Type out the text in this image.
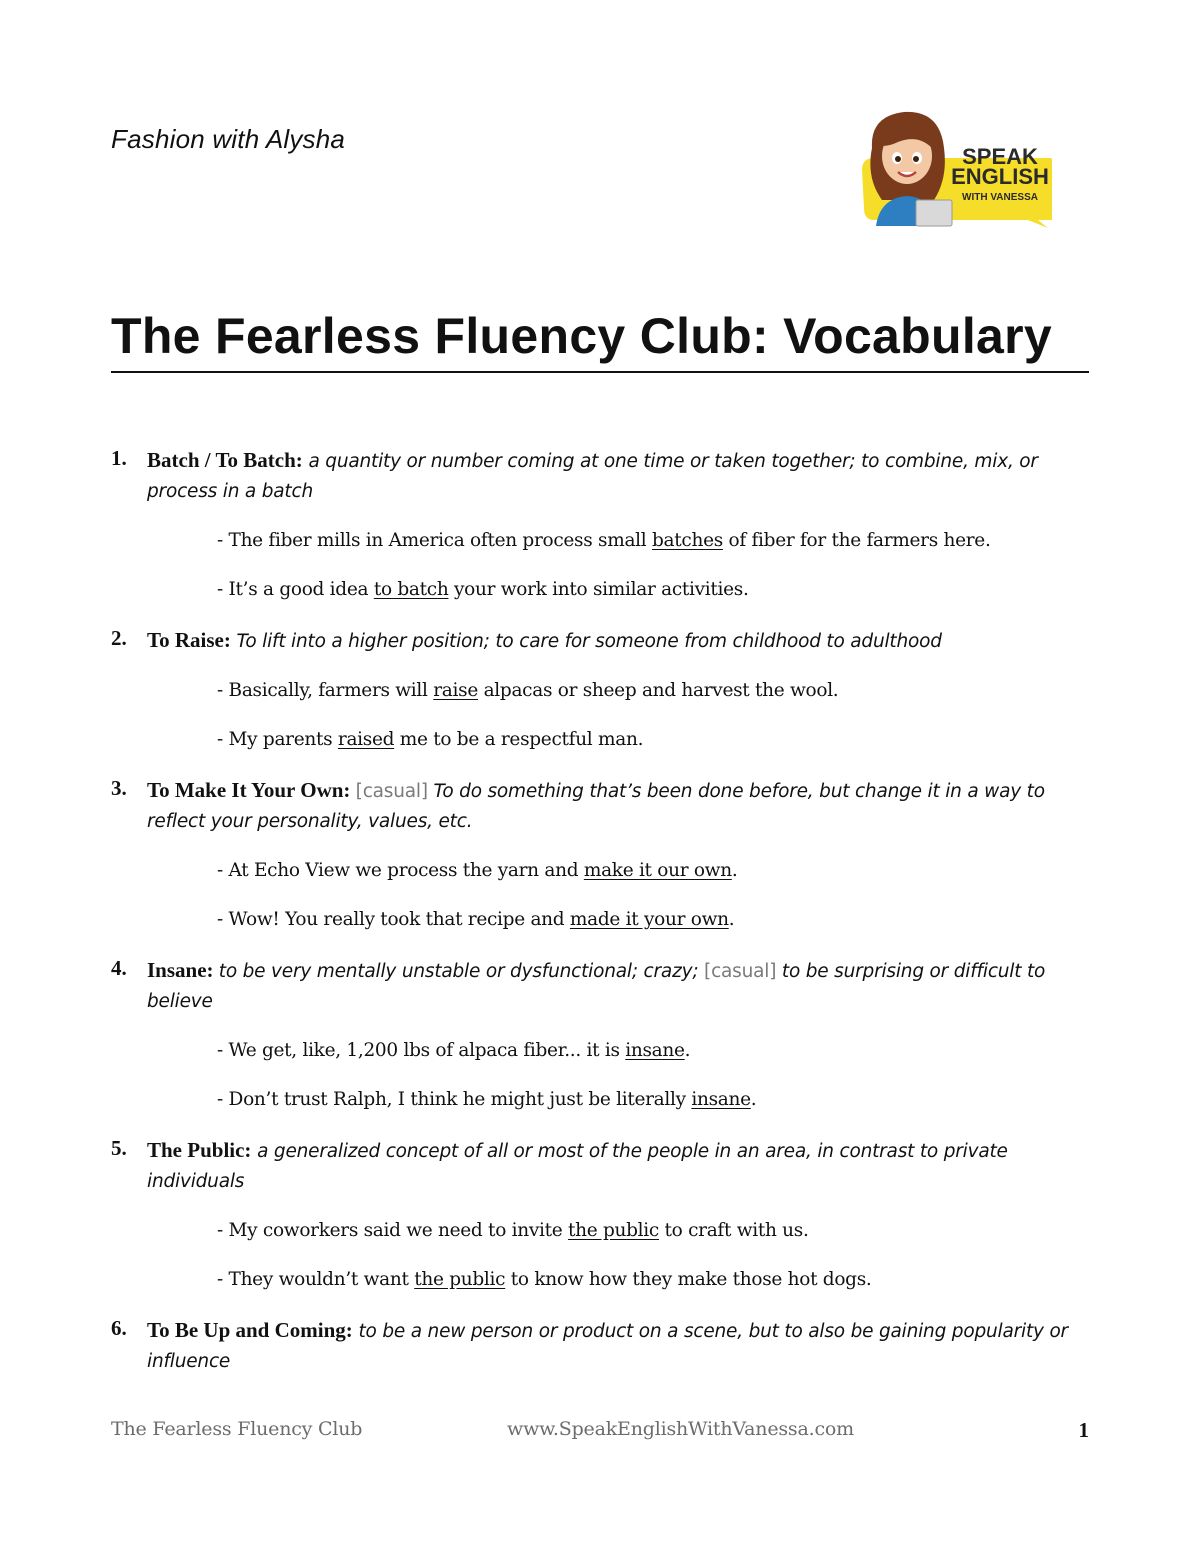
Fashion with Alysha
SPEAK
ENGLISH
WITH VANESSA
The Fearless Fluency Club: Vocabulary
1. Batch / To Batch: a quantity or number coming at one time or taken together; to combine, mix, or process in a batch
- The fiber mills in America often process small batches of fiber for the farmers here.
- It’s a good idea to batch your work into similar activities.
2. To Raise: To lift into a higher position; to care for someone from childhood to adulthood
- Basically, farmers will raise alpacas or sheep and harvest the wool.
- My parents raised me to be a respectful man.
3. To Make It Your Own: [casual] To do something that’s been done before, but change it in a way to reflect your personality, values, etc.
- At Echo View we process the yarn and make it our own.
- Wow! You really took that recipe and made it your own.
4. Insane: to be very mentally unstable or dysfunctional; crazy; [casual] to be surprising or difficult to believe
- We get, like, 1,200 lbs of alpaca fiber... it is insane.
- Don’t trust Ralph, I think he might just be literally insane.
5. The Public: a generalized concept of all or most of the people in an area, in contrast to private individuals
- My coworkers said we need to invite the public to craft with us.
- They wouldn’t want the public to know how they make those hot dogs.
6. To Be Up and Coming: to be a new person or product on a scene, but to also be gaining popularity or influence
The Fearless Fluency Club	www.SpeakEnglishWithVanessa.com	1
